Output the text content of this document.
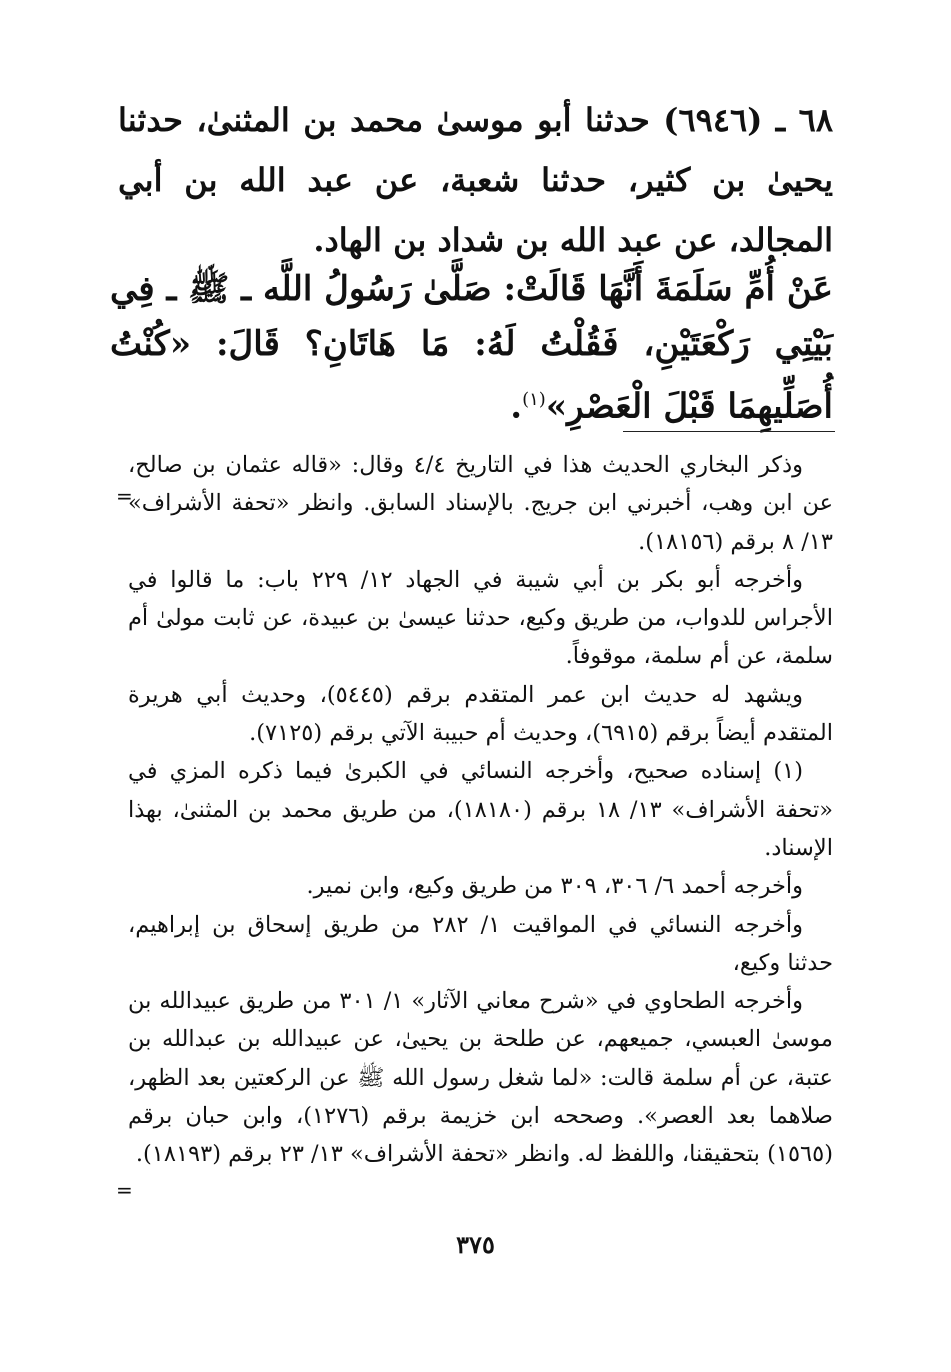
٦٨ ـ (٦٩٤٦) حدثنا أبو موسىٰ محمد بن المثنىٰ، حدثنا يحيىٰ بن كثير، حدثنا شعبة، عن عبد الله بن أبي المجالد، عن عبد الله بن شداد بن الهاد.
عَنْ أُمِّ سَلَمَةَ أَنَّهَا قَالَتْ: صَلَّىٰ رَسُولُ اللَّه ـ ﷺ ـ فِي بَيْتِي رَكْعَتَيْنِ، فَقُلْتُ لَهُ: مَا هَاتَانِ؟ قَالَ: «كُنْتُ أُصَلِّيهِمَا قَبْلَ الْعَصْرِ»$^{(١)}$.

وذكر البخاري الحديث هذا في التاريخ ٤/٤ وقال: «قاله عثمان بن صالح، عن ابن وهب، أخبرني ابن جريج. بالإسناد السابق. وانظر «تحفة الأشراف» ١٣/ ٨ برقم (١٨١٥٦).

وأخرجه أبو بكر بن أبي شيبة في الجهاد ١٢/ ٢٢٩ باب: ما قالوا في الأجراس للدواب، من طريق وكيع، حدثنا عيسىٰ بن عبيدة، عن ثابت مولىٰ أم سلمة، عن أم سلمة، موقوفاً.

ويشهد له حديث ابن عمر المتقدم برقم (٥٤٤٥)، وحديث أبي هريرة المتقدم أيضاً برقم (٦٩١٥)، وحديث أم حبيبة الآتي برقم (٧١٢٥).

(١) إسناده صحيح، وأخرجه النسائي في الكبرىٰ فيما ذكره المزي في «تحفة الأشراف» ١٣/ ١٨ برقم (١٨١٨٠)، من طريق محمد بن المثنىٰ، بهذا الإسناد.

وأخرجه أحمد ٦/ ٣٠٦، ٣٠٩ من طريق وكيع، وابن نمير.

وأخرجه النسائي في المواقيت ١/ ٢٨٢ من طريق إسحاق بن إبراهيم، حدثنا وكيع،

وأخرجه الطحاوي في «شرح معاني الآثار» ١/ ٣٠١ من طريق عبيدالله بن موسىٰ العبسي، جميعهم، عن طلحة بن يحيىٰ، عن عبيدالله بن عبدالله بن عتبة، عن أم سلمة قالت: «لما شغل رسول الله ﷺ عن الركعتين بعد الظهر، صلاهما بعد العصر». وصححه ابن خزيمة برقم (١٢٧٦)، وابن حبان برقم (١٥٦٥) بتحقيقنا، واللفظ له. وانظر «تحفة الأشراف» ١٣/ ٢٣ برقم (١٨١٩٣).

=
=
٣٧٥
